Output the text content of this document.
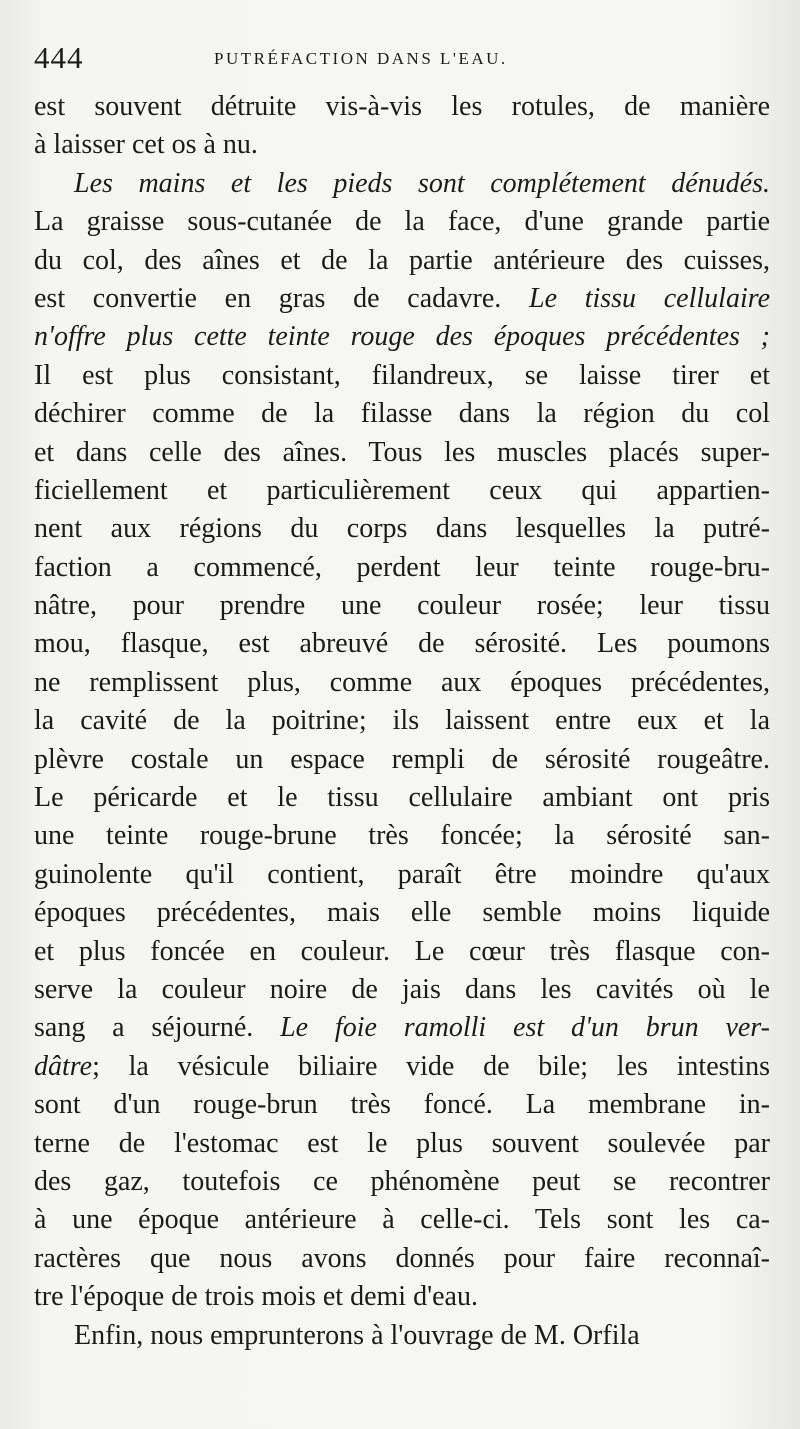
444	PUTRÉFACTION DANS L'EAU.
est souvent détruite vis-à-vis les rotules, de manière
à laisser cet os à nu.
Les mains et les pieds sont complétement dénudés.
La graisse sous-cutanée de la face, d'une grande partie
du col, des aînes et de la partie antérieure des cuisses,
est convertie en gras de cadavre. Le tissu cellulaire
n'offre plus cette teinte rouge des époques précédentes ;
Il est plus consistant, filandreux, se laisse tirer et
déchirer comme de la filasse dans la région du col
et dans celle des aînes. Tous les muscles placés super-
ficiellement et particulièrement ceux qui appartien-
nent aux régions du corps dans lesquelles la putré-
faction a commencé, perdent leur teinte rouge-bru-
nâtre, pour prendre une couleur rosée; leur tissu
mou, flasque, est abreuvé de sérosité. Les poumons
ne remplissent plus, comme aux époques précédentes,
la cavité de la poitrine; ils laissent entre eux et la
plèvre costale un espace rempli de sérosité rougeâtre.
Le péricarde et le tissu cellulaire ambiant ont pris
une teinte rouge-brune très foncée; la sérosité san-
guinolente qu'il contient, paraît être moindre qu'aux
époques précédentes, mais elle semble moins liquide
et plus foncée en couleur. Le cœur très flasque con-
serve la couleur noire de jais dans les cavités où le
sang a séjourné. Le foie ramolli est d'un brun ver-
dâtre; la vésicule biliaire vide de bile; les intestins
sont d'un rouge-brun très foncé. La membrane in-
terne de l'estomac est le plus souvent soulevée par
des gaz, toutefois ce phénomène peut se recontrer
à une époque antérieure à celle-ci. Tels sont les ca-
ractères que nous avons donnés pour faire reconnaî-
tre l'époque de trois mois et demi d'eau.
Enfin, nous emprunterons à l'ouvrage de M. Orfila
